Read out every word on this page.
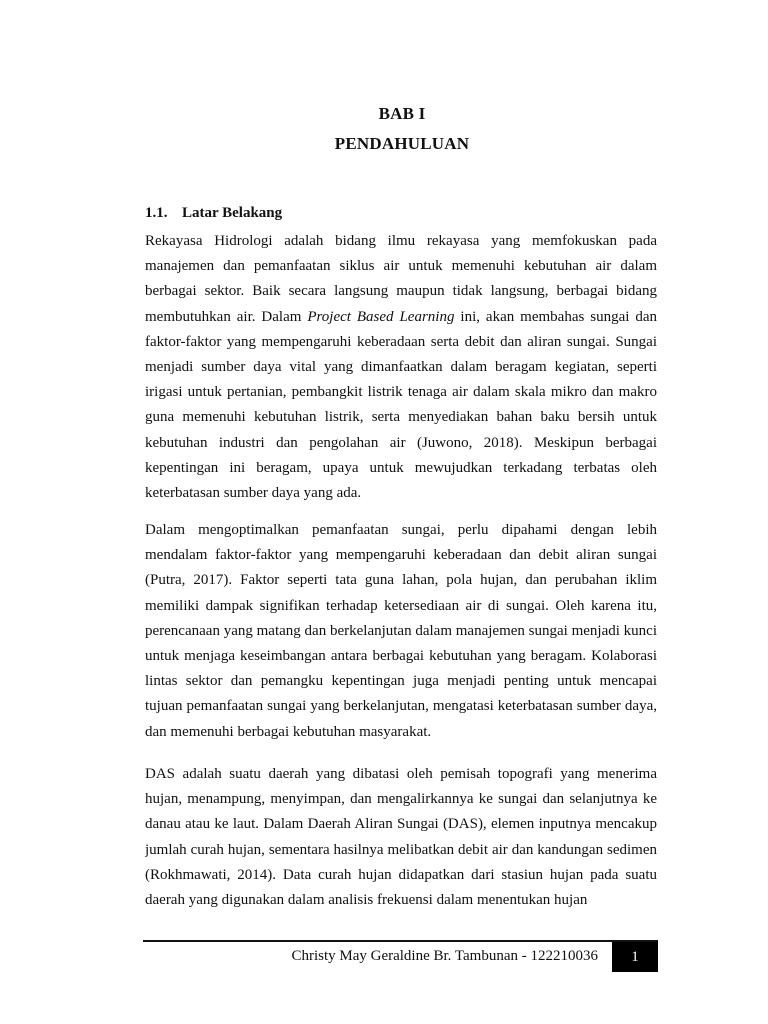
BAB I
PENDAHULUAN
1.1. Latar Belakang

Rekayasa Hidrologi adalah bidang ilmu rekayasa yang memfokuskan pada manajemen dan pemanfaatan siklus air untuk memenuhi kebutuhan air dalam berbagai sektor. Baik secara langsung maupun tidak langsung, berbagai bidang membutuhkan air. Dalam Project Based Learning ini, akan membahas sungai dan faktor-faktor yang mempengaruhi keberadaan serta debit dan aliran sungai. Sungai menjadi sumber daya vital yang dimanfaatkan dalam beragam kegiatan, seperti irigasi untuk pertanian, pembangkit listrik tenaga air dalam skala mikro dan makro guna memenuhi kebutuhan listrik, serta menyediakan bahan baku bersih untuk kebutuhan industri dan pengolahan air (Juwono, 2018). Meskipun berbagai kepentingan ini beragam, upaya untuk mewujudkan terkadang terbatas oleh keterbatasan sumber daya yang ada.

Dalam mengoptimalkan pemanfaatan sungai, perlu dipahami dengan lebih mendalam faktor-faktor yang mempengaruhi keberadaan dan debit aliran sungai (Putra, 2017). Faktor seperti tata guna lahan, pola hujan, dan perubahan iklim memiliki dampak signifikan terhadap ketersediaan air di sungai. Oleh karena itu, perencanaan yang matang dan berkelanjutan dalam manajemen sungai menjadi kunci untuk menjaga keseimbangan antara berbagai kebutuhan yang beragam. Kolaborasi lintas sektor dan pemangku kepentingan juga menjadi penting untuk mencapai tujuan pemanfaatan sungai yang berkelanjutan, mengatasi keterbatasan sumber daya, dan memenuhi berbagai kebutuhan masyarakat.

DAS adalah suatu daerah yang dibatasi oleh pemisah topografi yang menerima hujan, menampung, menyimpan, dan mengalirkannya ke sungai dan selanjutnya ke danau atau ke laut. Dalam Daerah Aliran Sungai (DAS), elemen inputnya mencakup jumlah curah hujan, sementara hasilnya melibatkan debit air dan kandungan sedimen (Rokhmawati, 2014). Data curah hujan didapatkan dari stasiun hujan pada suatu daerah yang digunakan dalam analisis frekuensi dalam menentukan hujan

Christy May Geraldine Br. Tambunan - 122210036 1
